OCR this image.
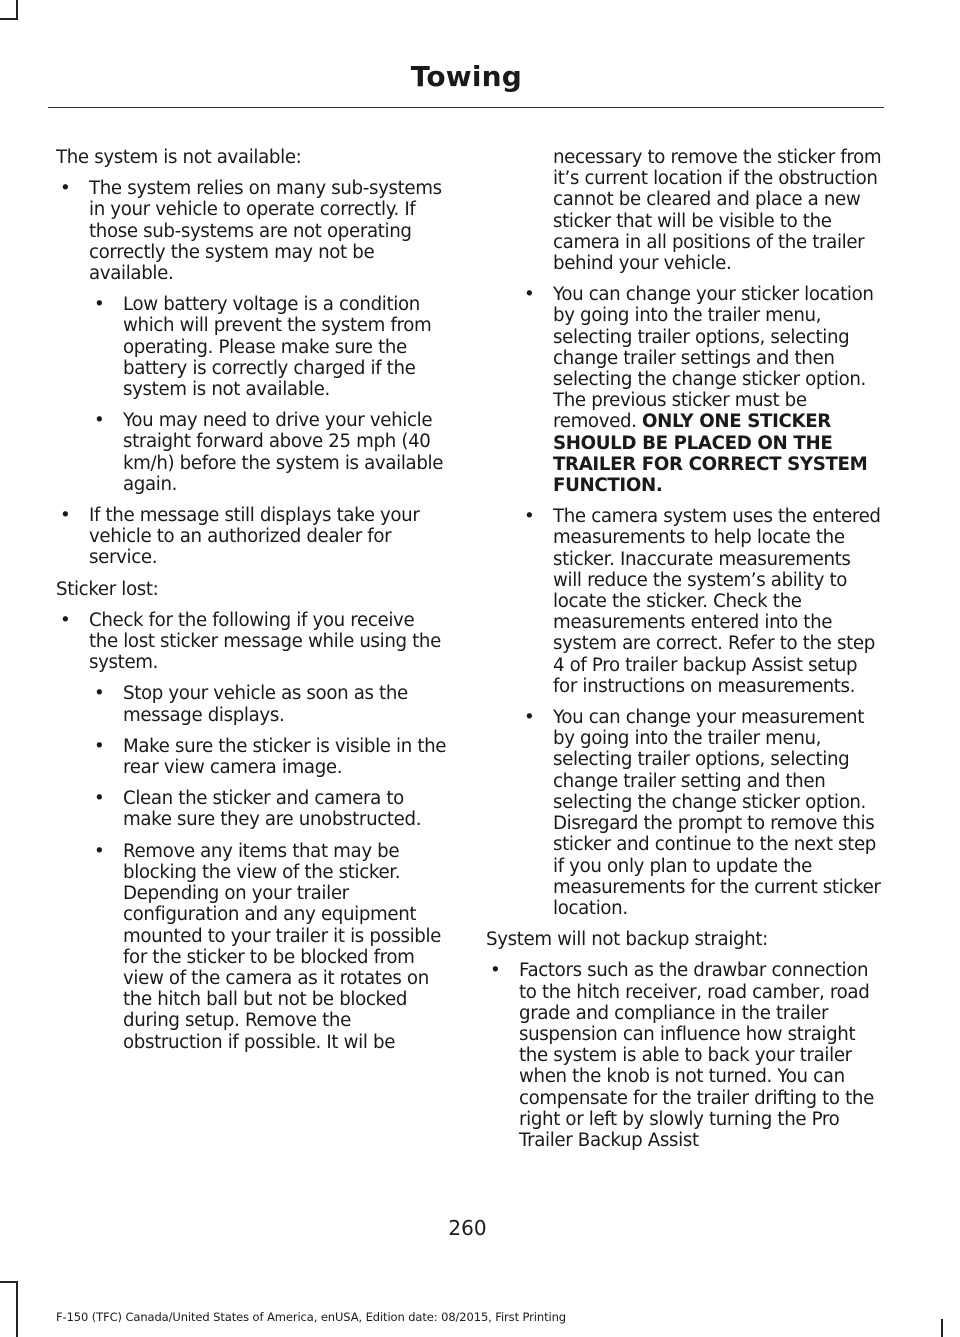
Towing

The system is not available:

• The system relies on many sub-systems in your vehicle to operate correctly. If those sub-systems are not operating correctly the system may not be available.
• Low battery voltage is a condition which will prevent the system from operating. Please make sure the battery is correctly charged if the system is not available.
• You may need to drive your vehicle straight forward above 25 mph (40 km/h) before the system is available again.
• If the message still displays take your vehicle to an authorized dealer for service.

Sticker lost:

• Check for the following if you receive the lost sticker message while using the system.
• Stop your vehicle as soon as the message displays.
• Make sure the sticker is visible in the rear view camera image.
• Clean the sticker and camera to make sure they are unobstructed.
• Remove any items that may be blocking the view of the sticker. Depending on your trailer configuration and any equipment mounted to your trailer it is possible for the sticker to be blocked from view of the camera as it rotates on the hitch ball but not be blocked during setup. Remove the obstruction if possible. It wil be

necessary to remove the sticker from it’s current location if the obstruction cannot be cleared and place a new sticker that will be visible to the camera in all positions of the trailer behind your vehicle.

• You can change your sticker location by going into the trailer menu, selecting trailer options, selecting change trailer settings and then selecting the change sticker option. The previous sticker must be removed. ONLY ONE STICKER SHOULD BE PLACED ON THE TRAILER FOR CORRECT SYSTEM FUNCTION.
• The camera system uses the entered measurements to help locate the sticker. Inaccurate measurements will reduce the system’s ability to locate the sticker. Check the measurements entered into the system are correct. Refer to the step 4 of Pro trailer backup Assist setup for instructions on measurements.
• You can change your measurement by going into the trailer menu, selecting trailer options, selecting change trailer setting and then selecting the change sticker option. Disregard the prompt to remove this sticker and continue to the next step if you only plan to update the measurements for the current sticker location.

System will not backup straight:

• Factors such as the drawbar connection to the hitch receiver, road camber, road grade and compliance in the trailer suspension can influence how straight the system is able to back your trailer when the knob is not turned. You can compensate for the trailer drifting to the right or left by slowly turning the Pro Trailer Backup Assist
260
F-150 (TFC) Canada/United States of America, enUSA, Edition date: 08/2015, First Printing
